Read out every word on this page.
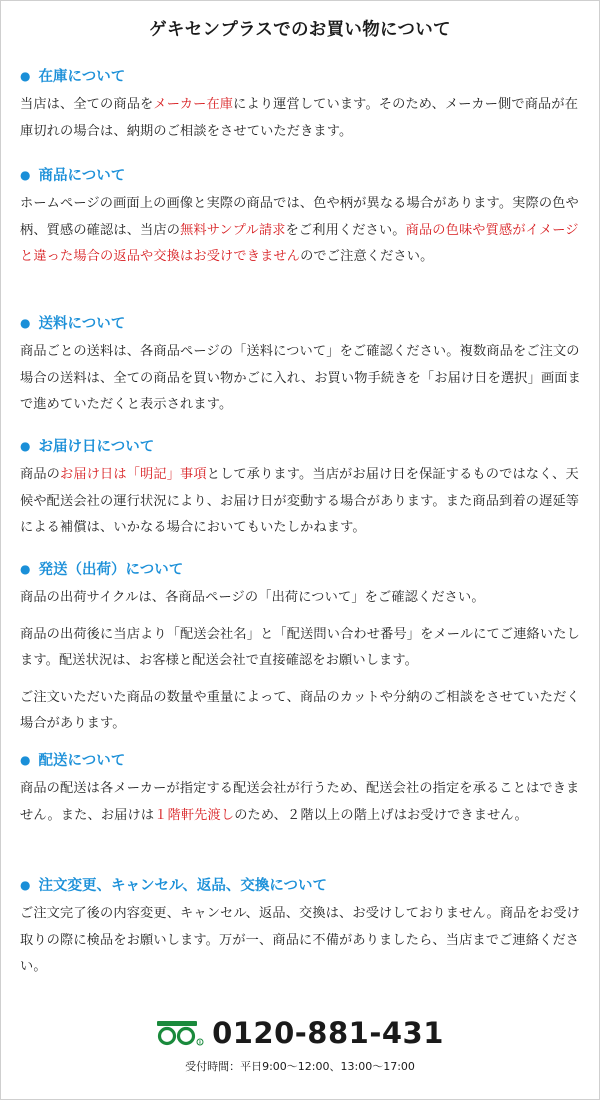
ゲキセンプラスでのお買い物について
● 在庫について
当店は、全ての商品をメーカー在庫により運営しています。そのため、メーカー側で商品が在庫切れの場合は、納期のご相談をさせていただきます。
● 商品について
ホームページの画面上の画像と実際の商品では、色や柄が異なる場合があります。実際の色や柄、質感の確認は、当店の無料サンプル請求をご利用ください。商品の色味や質感がイメージと違った場合の返品や交換はお受けできませんのでご注意ください。
● 送料について
商品ごとの送料は、各商品ページの「送料について」をご確認ください。複数商品をご注文の場合の送料は、全ての商品を買い物かごに入れ、お買い物手続きを「お届け日を選択」画面まで進めていただくと表示されます。
● お届け日について
商品のお届け日は「明記」事項として承ります。当店がお届け日を保証するものではなく、天候や配送会社の運行状況により、お届け日が変動する場合があります。また商品到着の遅延等による補償は、いかなる場合においてもいたしかねます。
● 発送（出荷）について
商品の出荷サイクルは、各商品ページの「出荷について」をご確認ください。
商品の出荷後に当店より「配送会社名」と「配送問い合わせ番号」をメールにてご連絡いたします。配送状況は、お客様と配送会社で直接確認をお願いします。
ご注文いただいた商品の数量や重量によって、商品のカットや分納のご相談をさせていただく場合があります。
● 配送について
商品の配送は各メーカーが指定する配送会社が行うため、配送会社の指定を承ることはできません。また、お届けは１階軒先渡しのため、２階以上の階上げはお受けできません。
● 注文変更、キャンセル、返品、交換について
ご注文完了後の内容変更、キャンセル、返品、交換は、お受けしておりません。商品をお受け取りの際に検品をお願いします。万が一、商品に不備がありましたら、当店までご連絡ください。
R 0120-881-431
受付時間：平日9:00～12:00、13:00～17:00
